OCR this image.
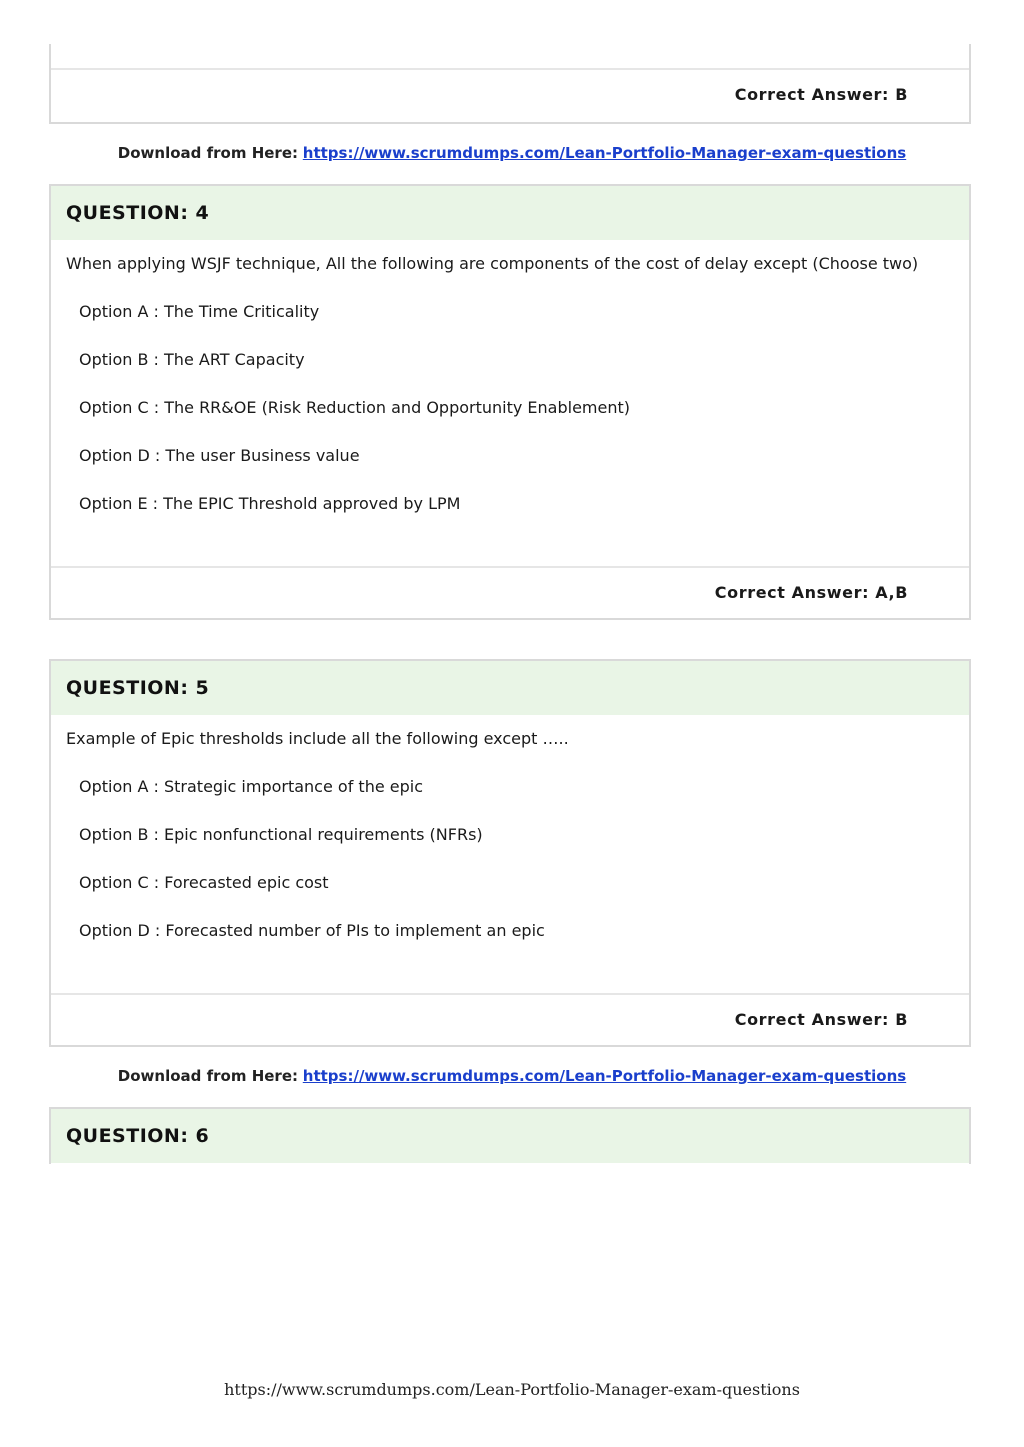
Correct Answer: B
Download from Here: https://www.scrumdumps.com/Lean-Portfolio-Manager-exam-questions
QUESTION: 4
When applying WSJF technique, All the following are components of the cost of delay except (Choose two)
Option A : The Time Criticality
Option B : The ART Capacity
Option C : The RR&OE (Risk Reduction and Opportunity Enablement)
Option D : The user Business value
Option E : The EPIC Threshold approved by LPM
Correct Answer: A,B
QUESTION: 5
Example of Epic thresholds include all the following except …..
Option A : Strategic importance of the epic
Option B : Epic nonfunctional requirements (NFRs)
Option C : Forecasted epic cost
Option D : Forecasted number of PIs to implement an epic
Correct Answer: B
Download from Here: https://www.scrumdumps.com/Lean-Portfolio-Manager-exam-questions
QUESTION: 6
https://www.scrumdumps.com/Lean-Portfolio-Manager-exam-questions
